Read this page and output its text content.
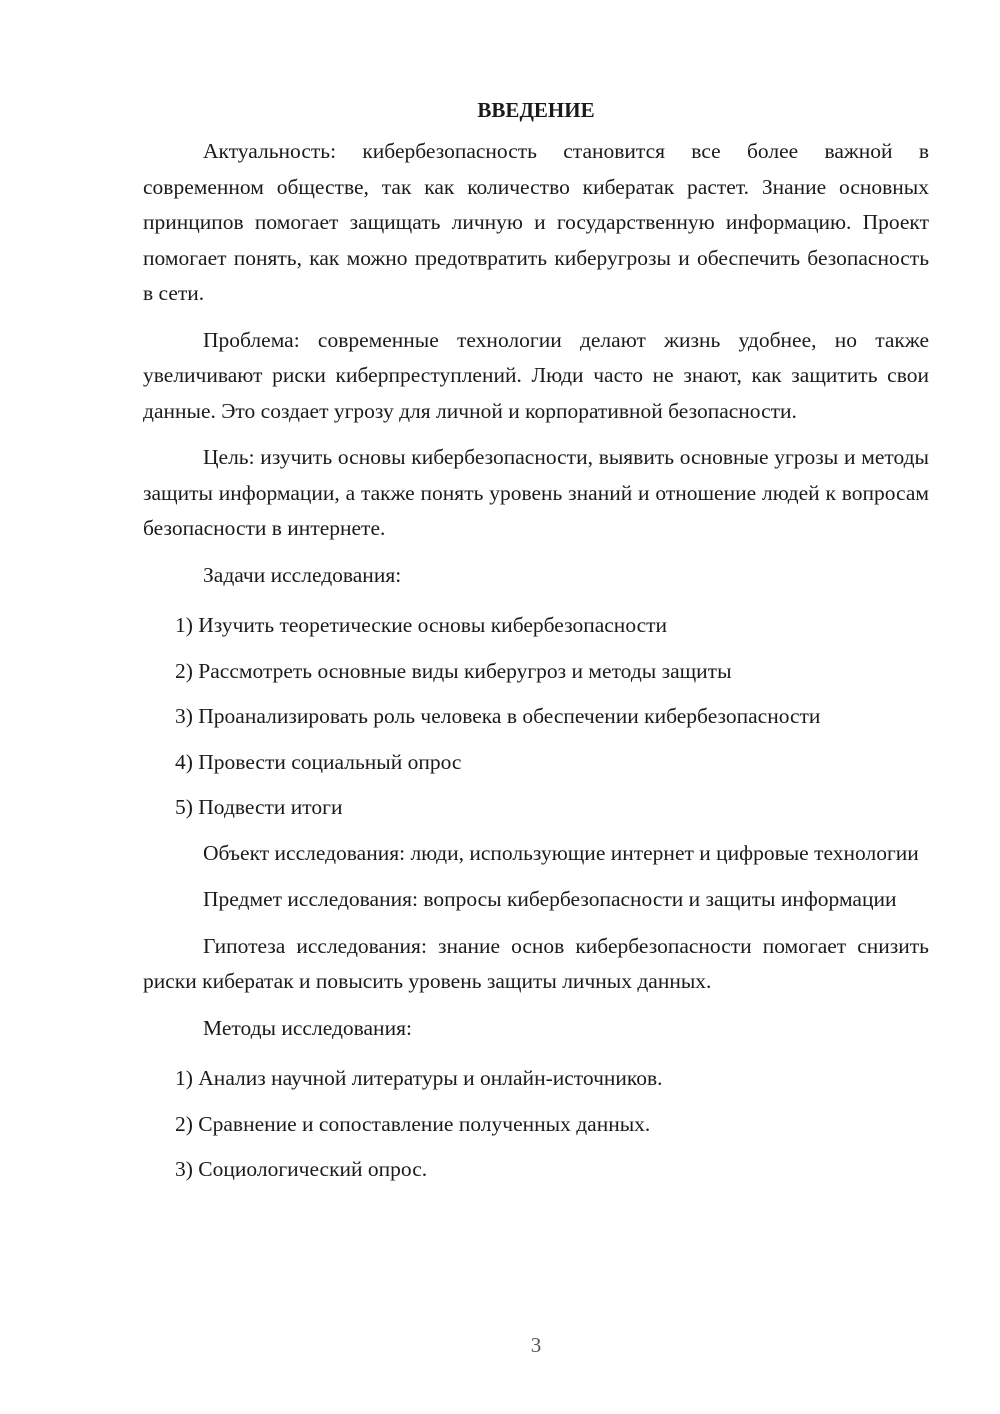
ВВЕДЕНИЕ

Актуальность: кибербезопасность становится все более важной в современном обществе, так как количество кибератак растет. Знание основных принципов помогает защищать личную и государственную информацию. Проект помогает понять, как можно предотвратить киберугрозы и обеспечить безопасность в сети.

Проблема: современные технологии делают жизнь удобнее, но также увеличивают риски киберпреступлений. Люди часто не знают, как защитить свои данные. Это создает угрозу для личной и корпоративной безопасности.

Цель: изучить основы кибербезопасности, выявить основные угрозы и методы защиты информации, а также понять уровень знаний и отношение людей к вопросам безопасности в интернете.

Задачи исследования:

1) Изучить теоретические основы кибербезопасности
2) Рассмотреть основные виды киберугроз и методы защиты
3) Проанализировать роль человека в обеспечении кибербезопасности
4) Провести социальный опрос
5) Подвести итоги

Объект исследования: люди, использующие интернет и цифровые технологии

Предмет исследования: вопросы кибербезопасности и защиты информации

Гипотеза исследования: знание основ кибербезопасности помогает снизить риски кибератак и повысить уровень защиты личных данных.

Методы исследования:

1) Анализ научной литературы и онлайн-источников.
2) Сравнение и сопоставление полученных данных.
3) Социологический опрос.
3
